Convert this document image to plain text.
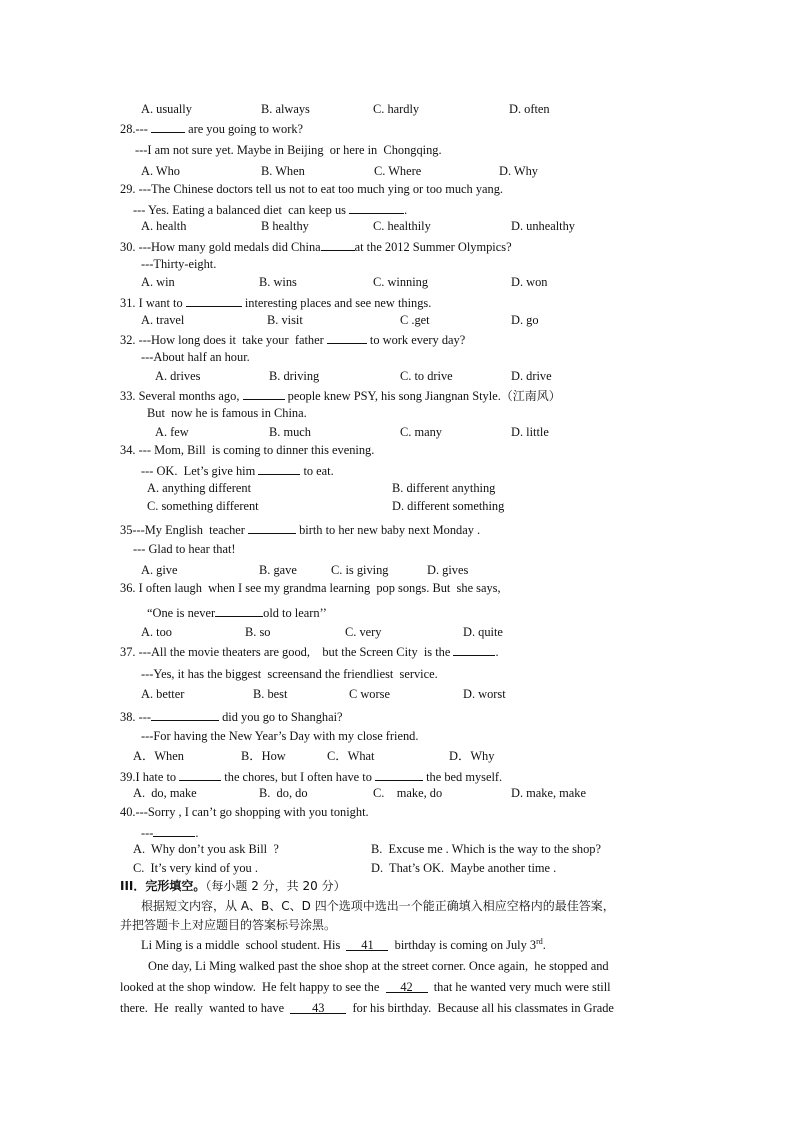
A. usually	B. always	C. hardly	D. often
28.---	are you going to work?
---I am not sure yet. Maybe in Beijing  or here in  Chongqing.
A. Who	B. When	C. Where	D. Why
29. ---The Chinese doctors tell us not to eat too much ying or too much yang.
--- Yes. Eating a balanced diet  can keep us	.
A. health	B healthy	C. healthily	D. unhealthy
30. ---How many gold medals did China	at the 2012 Summer Olympics?
---Thirty-eight.
A. win	B. wins	C. winning	D. won
31. I want to	interesting places and see new things.
A. travel	B. visit	C .get	D. go
32. ---How long does it  take your  father	to work every day?
---About half an hour.
A. drives	B. driving	C. to drive	D. drive
33. Several months ago,	people knew PSY, his song Jiangnan Style.（江南风）
But  now he is famous in China.
A. few	B. much	C. many	D. little
34. --- Mom, Bill  is coming to dinner this evening.
--- OK.  Let’s give him	to eat.
A. anything different	B. different anything
C. something different	D. different something
35---My English  teacher	birth to her new baby next Monday .
--- Glad to hear that!
A. give	B. gave	C. is giving	D. gives
36. I often laugh  when I see my grandma learning  pop songs. But  she says,
“One is never	old to learn’’
A. too	B. so	C. very	D. quite
37. ---All the movie theaters are good,    but the Screen City  is the	.
---Yes, it has the biggest  screensand the friendliest  service.
A. better	B. best	C worse	D. worst
38. ---	did you go to Shanghai?
---For having the New Year’s Day with my close friend.
A．When	B．How	C．What	D．Why
39.I hate to	the chores, but I often have to	the bed myself.
A.  do, make	B.  do, do	C.    make, do	D. make, make
40.---Sorry , I can’t go shopping with you tonight.
---	.
A.  Why don’t you ask Bill  ?	B.  Excuse me . Which is the way to the shop?
C.  It’s very kind of you .	D.  That’s OK.  Maybe another time .
III．完形填空。（每小题 2 分，共 20 分）
根据短文内容，从 A、B、C、D 四个选项中选出一个能正确填入相应空格内的最佳答案，
并把答题卡上对应题目的答案标号涂黑。
Li Ming is a middle  school student. His  41  birthday is coming on July 3rd.
One day, Li Ming walked past the shoe shop at the street corner. Once again,  he stopped and
looked at the shop window.  He felt happy to see the  42  that he wanted very much were still
there.  He  really  wanted to have  43  for his birthday.  Because all his classmates in Grade
